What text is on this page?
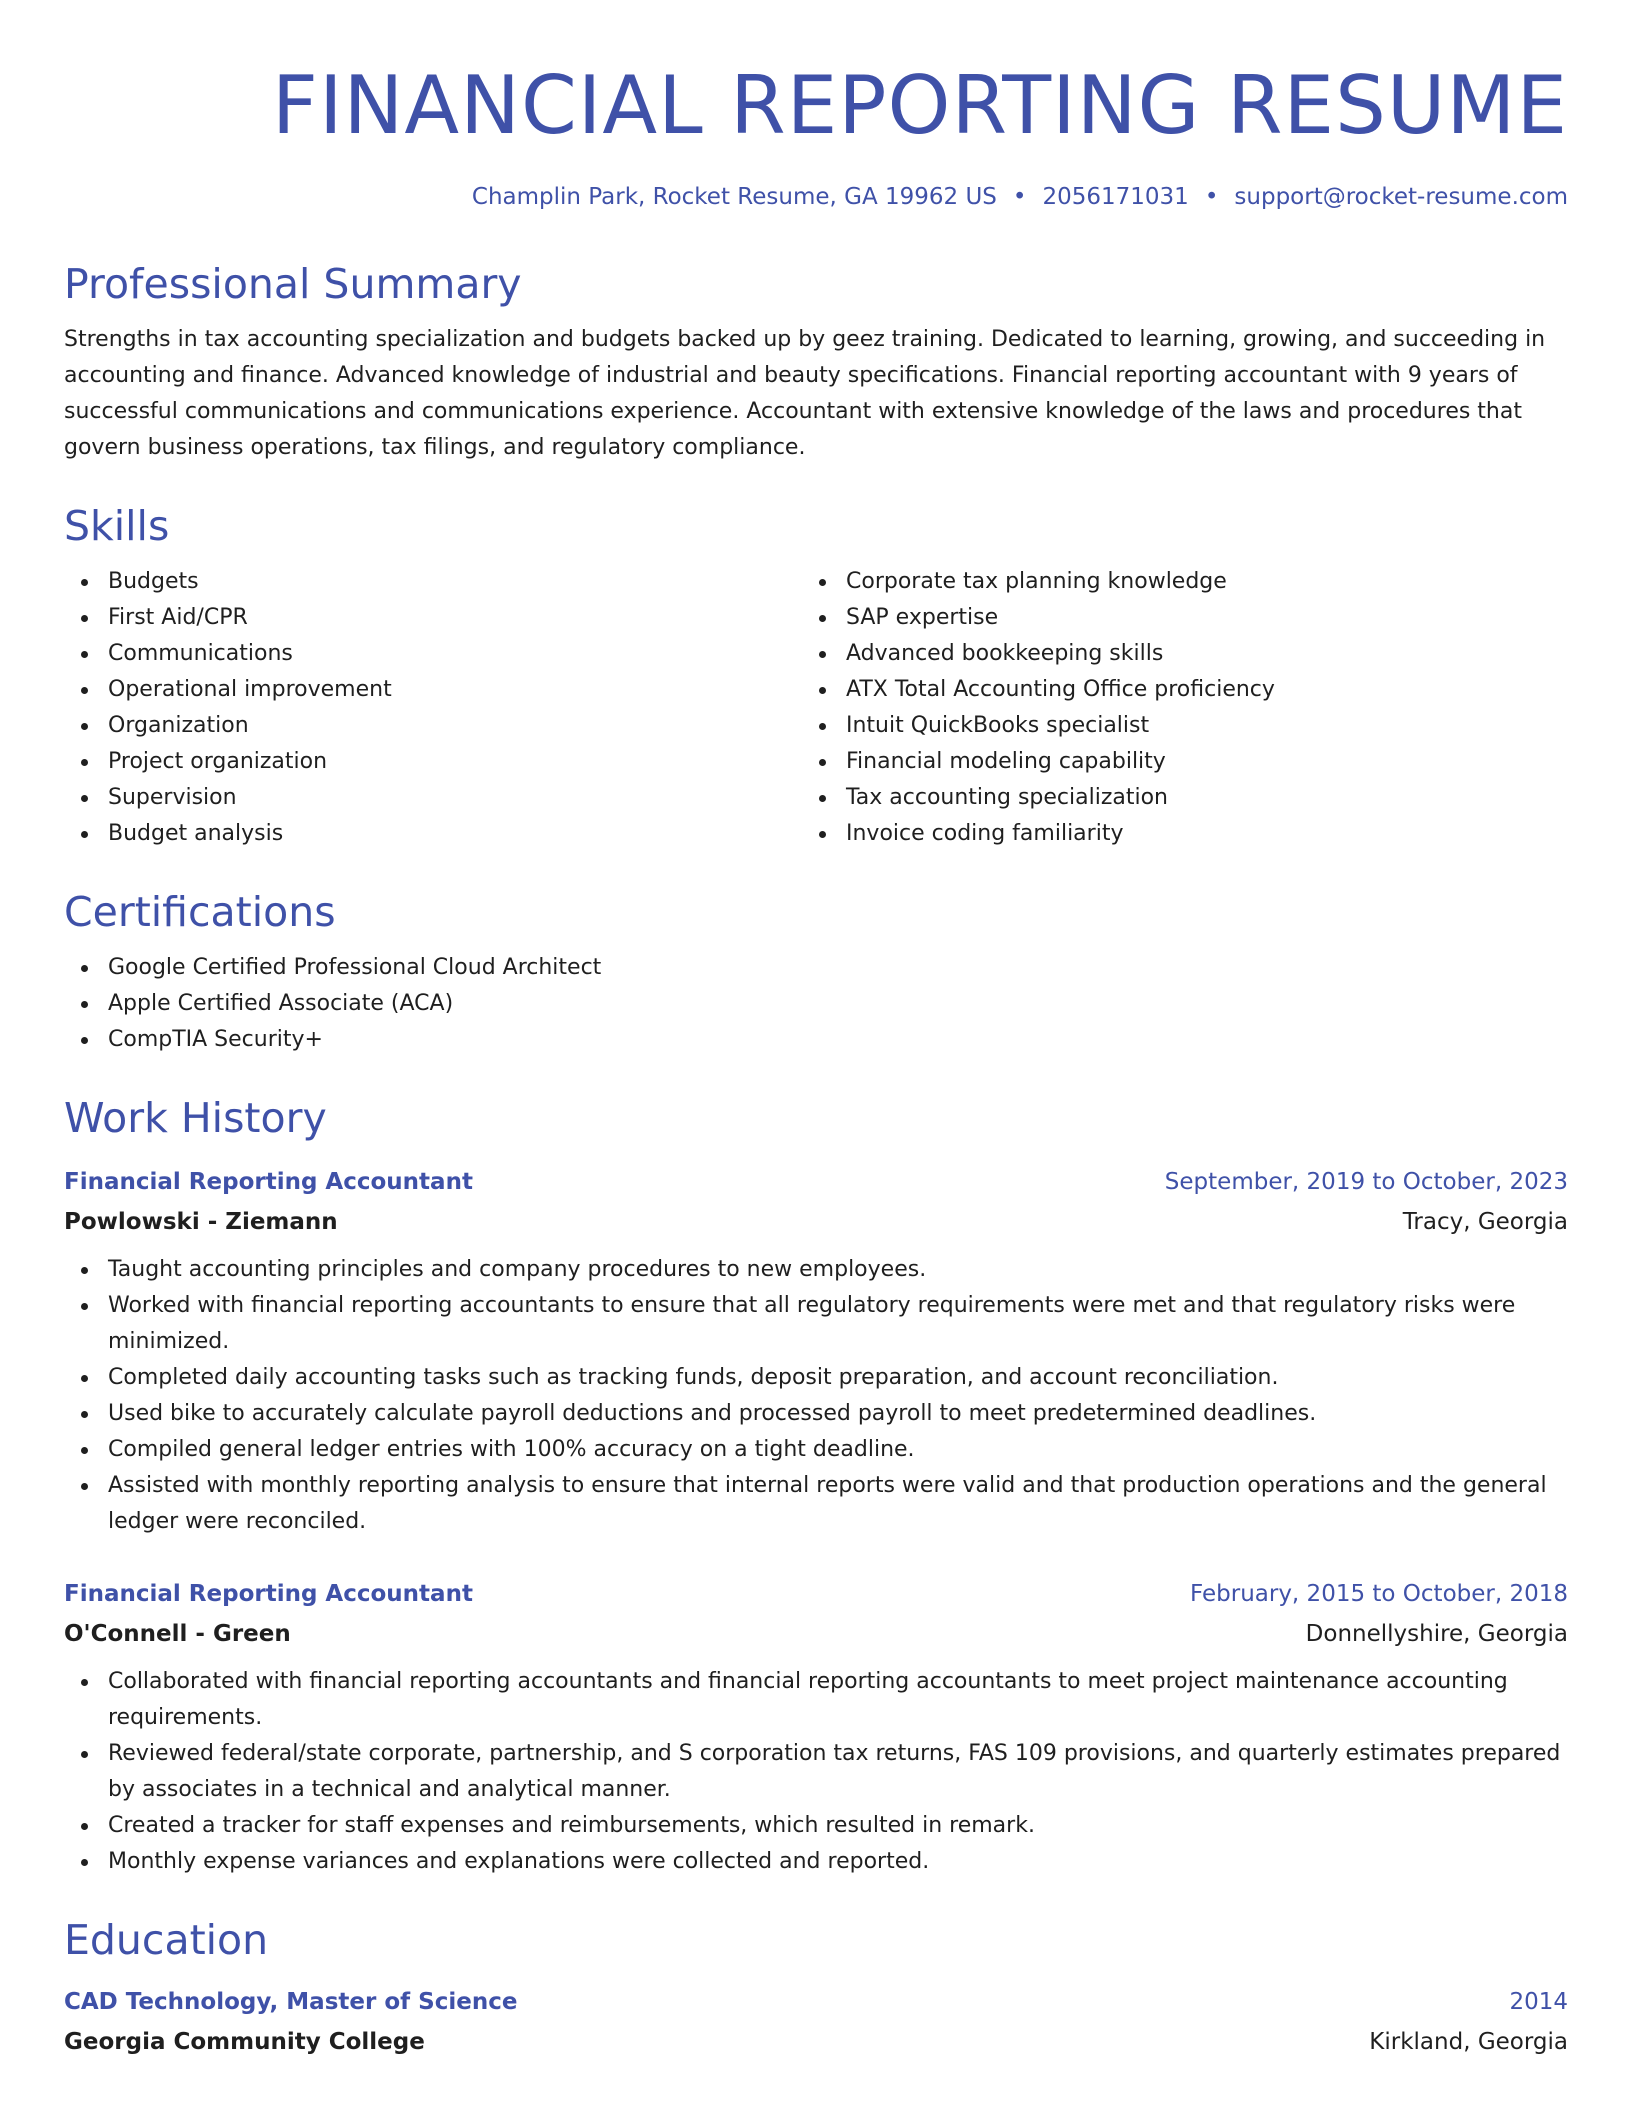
FINANCIAL REPORTING RESUME
Champlin Park, Rocket Resume, GA 19962 US • 2056171031 • support@rocket-resume.com
Professional Summary

Strengths in tax accounting specialization and budgets backed up by geez training. Dedicated to learning, growing, and succeeding in accounting and finance. Advanced knowledge of industrial and beauty specifications. Financial reporting accountant with 9 years of successful communications and communications experience. Accountant with extensive knowledge of the laws and procedures that govern business operations, tax filings, and regulatory compliance.

Skills
Budgets
First Aid/CPR
Communications
Operational improvement
Organization
Project organization
Supervision
Budget analysis
Corporate tax planning knowledge
SAP expertise
Advanced bookkeeping skills
ATX Total Accounting Office proficiency
Intuit QuickBooks specialist
Financial modeling capability
Tax accounting specialization
Invoice coding familiarity
Certifications
Google Certified Professional Cloud Architect
Apple Certified Associate (ACA)
CompTIA Security+
Work History
Financial Reporting Accountant	September, 2019 to October, 2023
Powlowski - Ziemann	Tracy, Georgia
Taught accounting principles and company procedures to new employees.
Worked with financial reporting accountants to ensure that all regulatory requirements were met and that regulatory risks were minimized.
Completed daily accounting tasks such as tracking funds, deposit preparation, and account reconciliation.
Used bike to accurately calculate payroll deductions and processed payroll to meet predetermined deadlines.
Compiled general ledger entries with 100% accuracy on a tight deadline.
Assisted with monthly reporting analysis to ensure that internal reports were valid and that production operations and the general ledger were reconciled.
Financial Reporting Accountant	February, 2015 to October, 2018
O'Connell - Green	Donnellyshire, Georgia
Collaborated with financial reporting accountants and financial reporting accountants to meet project maintenance accounting requirements.
Reviewed federal/state corporate, partnership, and S corporation tax returns, FAS 109 provisions, and quarterly estimates prepared by associates in a technical and analytical manner.
Created a tracker for staff expenses and reimbursements, which resulted in remark.
Monthly expense variances and explanations were collected and reported.
Education
CAD Technology, Master of Science	2014
Georgia Community College	Kirkland, Georgia
